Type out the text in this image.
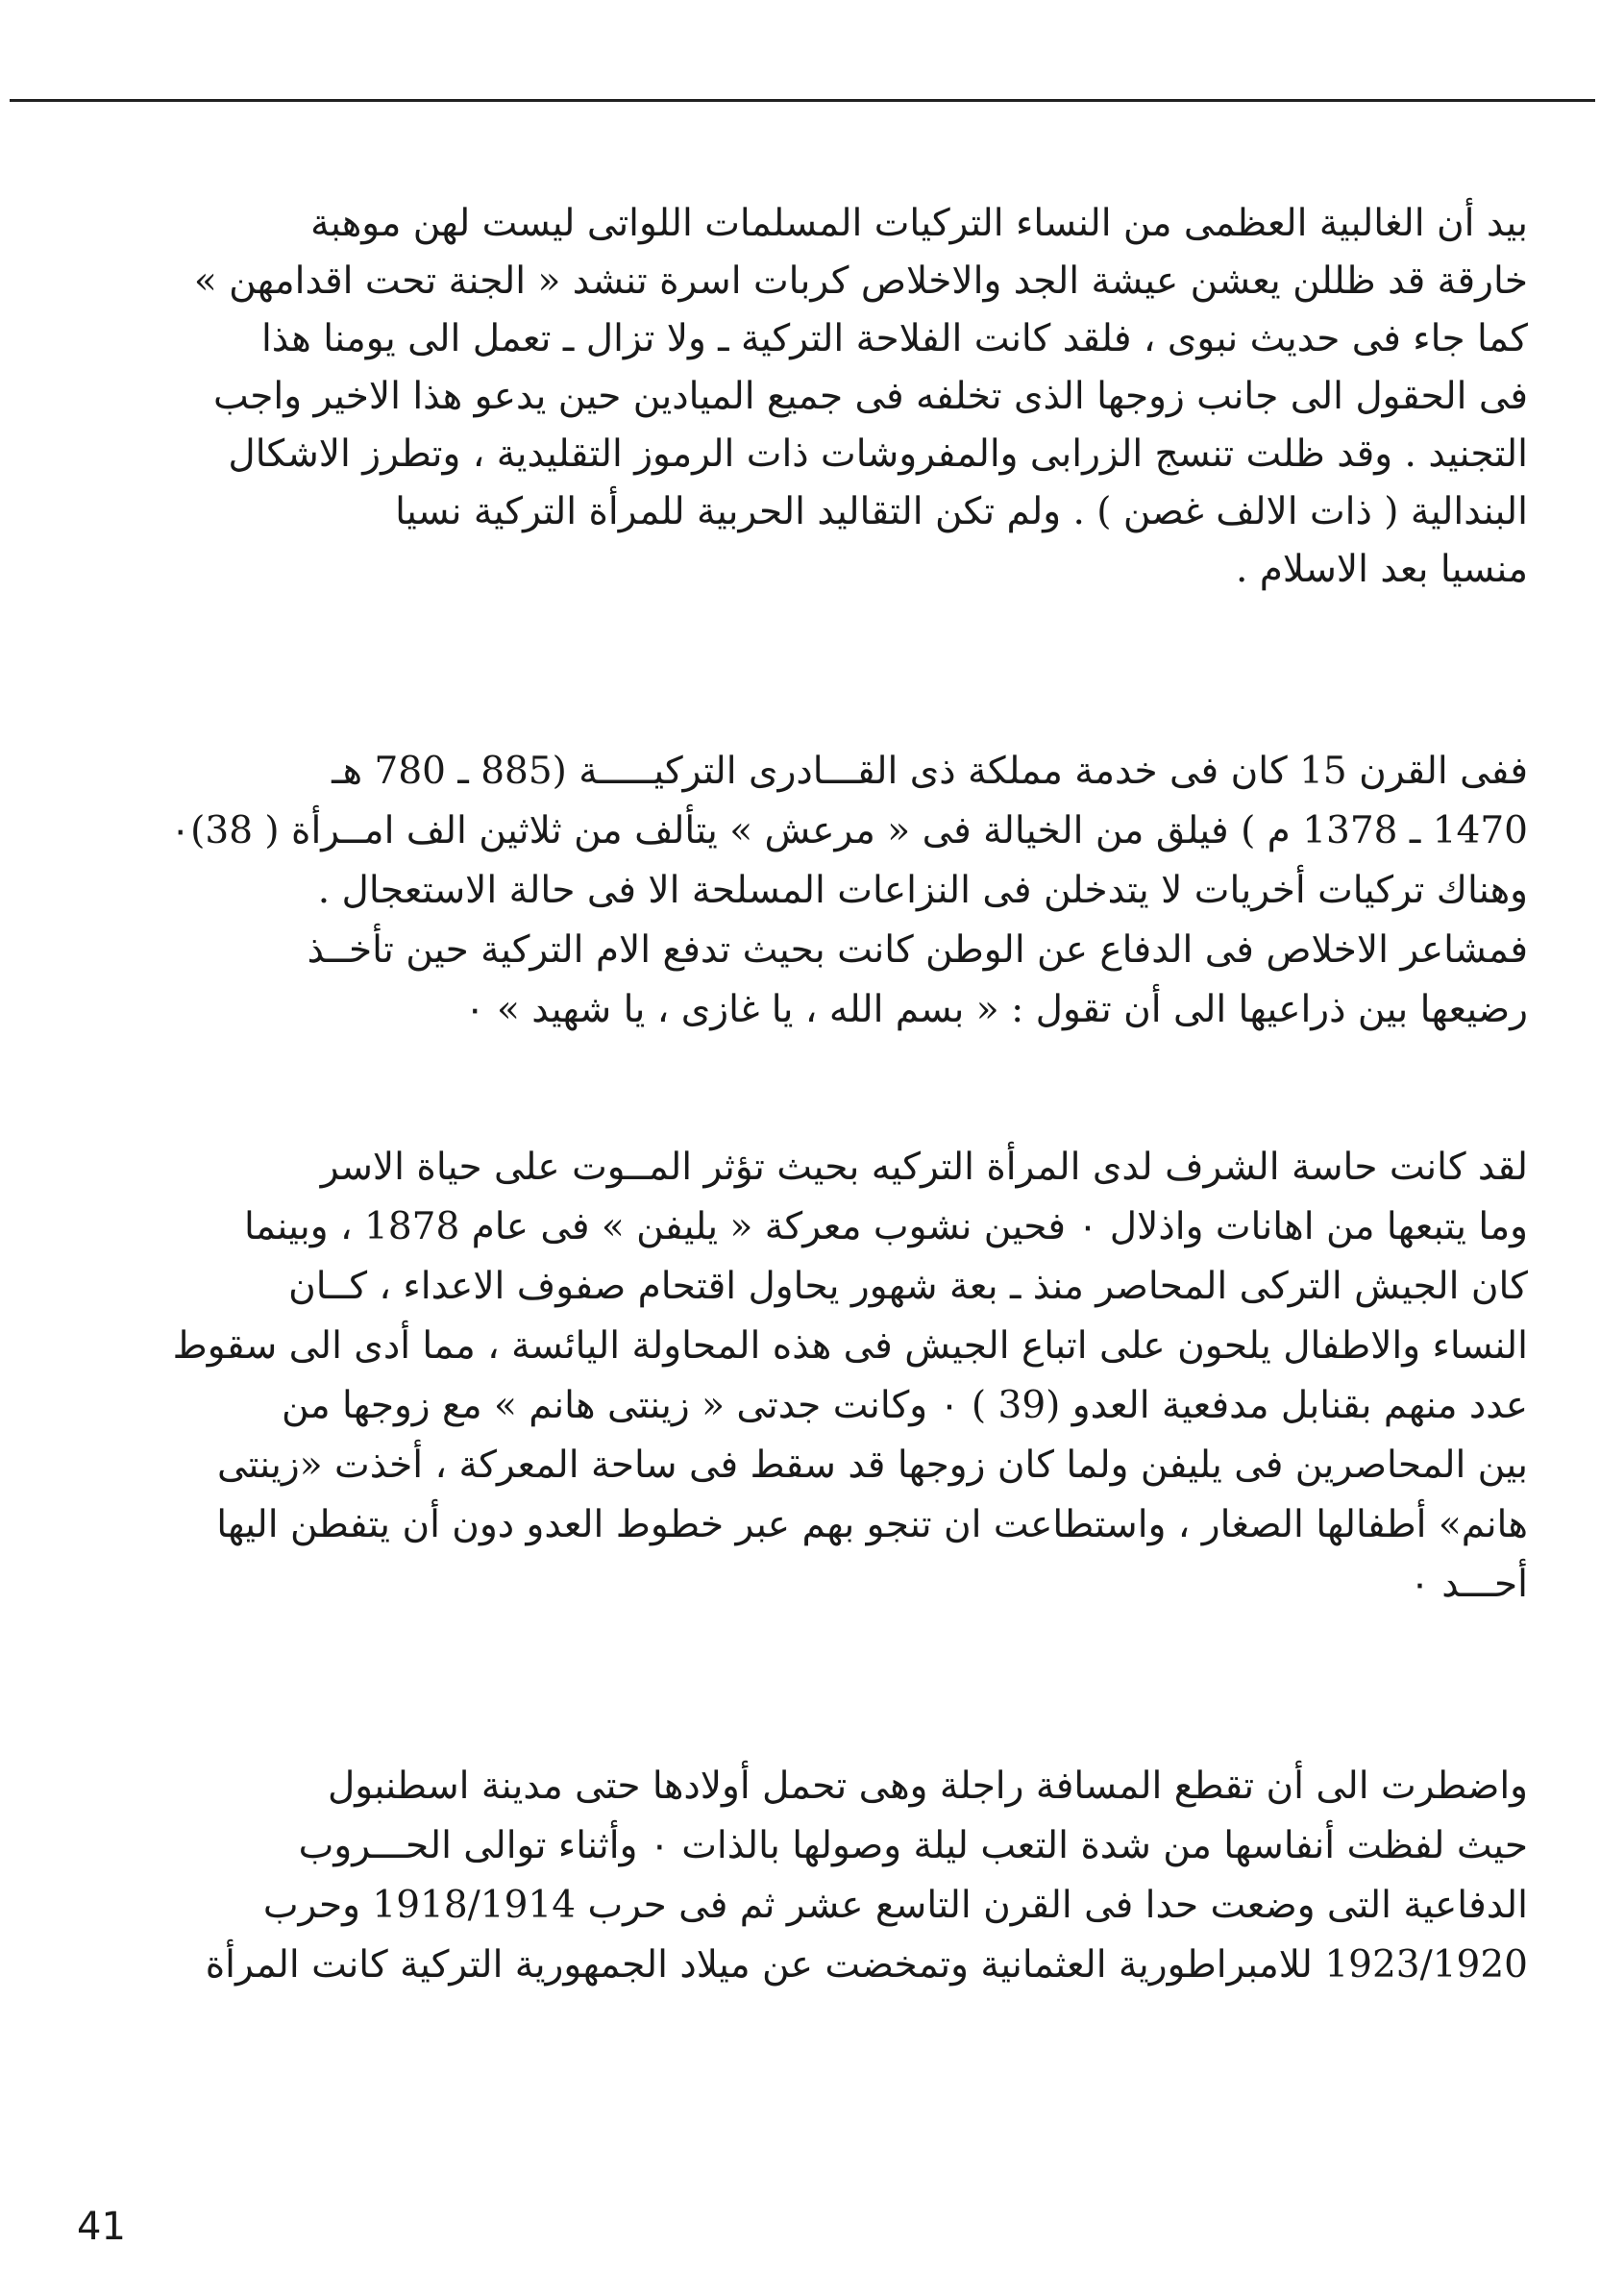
بيد أن الغالبية العظمى من النساء التركيات المسلمات اللواتى ليست لهن موهبة
خارقة قد ظللن يعشن عيشة الجد والاخلاص كربات اسرة تنشد « الجنة تحت اقدامهن »
كما جاء فى حديث نبوى ، فلقد كانت الفلاحة التركية ـ ولا تزال ـ تعمل الى يومنا هذا
فى الحقول الى جانب زوجها الذى تخلفه فى جميع الميادين حين يدعو هذا الاخير واجب
التجنيد . وقد ظلت تنسج الزرابى والمفروشات ذات الرموز التقليدية ، وتطرز الاشكال
البندالية ( ذات الالف غصن ) . ولم تكن التقاليد الحربية للمرأة التركية نسيا
منسيا بعد الاسلام .
ففى القرن 15 كان فى خدمة مملكة ذى القـــادرى التركيـــــة (885 ـ 780 هـ
1470 ـ 1378 م ) فيلق من الخيالة فى « مرعش » يتألف من ثلاثين الف امــرأة ( 38)٠
وهناك تركيات أخريات لا يتدخلن فى النزاعات المسلحة الا فى حالة الاستعجال .
فمشاعر الاخلاص فى الدفاع عن الوطن كانت بحيث تدفع الام التركية حين تأخــذ
رضيعها بين ذراعيها الى أن تقول : « بسم الله ، يا غازى ، يا شهيد » ٠
لقد كانت حاسة الشرف لدى المرأة التركيه بحيث تؤثر المــوت على حياة الاسر
وما يتبعها من اهانات واذلال ٠ فحين نشوب معركة « يليفن » فى عام 1878 ، وبينما
كان الجيش التركى المحاصر منذ ـ بعة شهور يحاول اقتحام صفوف الاعداء ، كــان
النساء والاطفال يلحون على اتباع الجيش فى هذه المحاولة اليائسة ، مما أدى الى سقوط
عدد منهم بقنابل مدفعية العدو (39 ) ٠ وكانت جدتى « زينتى هانم » مع زوجها من
بين المحاصرين فى يليفن ولما كان زوجها قد سقط فى ساحة المعركة ، أخذت «زينتى
هانم» أطفالها الصغار ، واستطاعت ان تنجو بهم عبر خطوط العدو دون أن يتفطن اليها
أحـــد ٠
واضطرت الى أن تقطع المسافة راجلة وهى تحمل أولادها حتى مدينة اسطنبول
حيث لفظت أنفاسها من شدة التعب ليلة وصولها بالذات ٠ وأثناء توالى الحـــروب
الدفاعية التى وضعت حدا فى القرن التاسع عشر ثم فى حرب 1918/1914 وحرب
1923/1920 للامبراطورية العثمانية وتمخضت عن ميلاد الجمهورية التركية كانت المرأة
41
